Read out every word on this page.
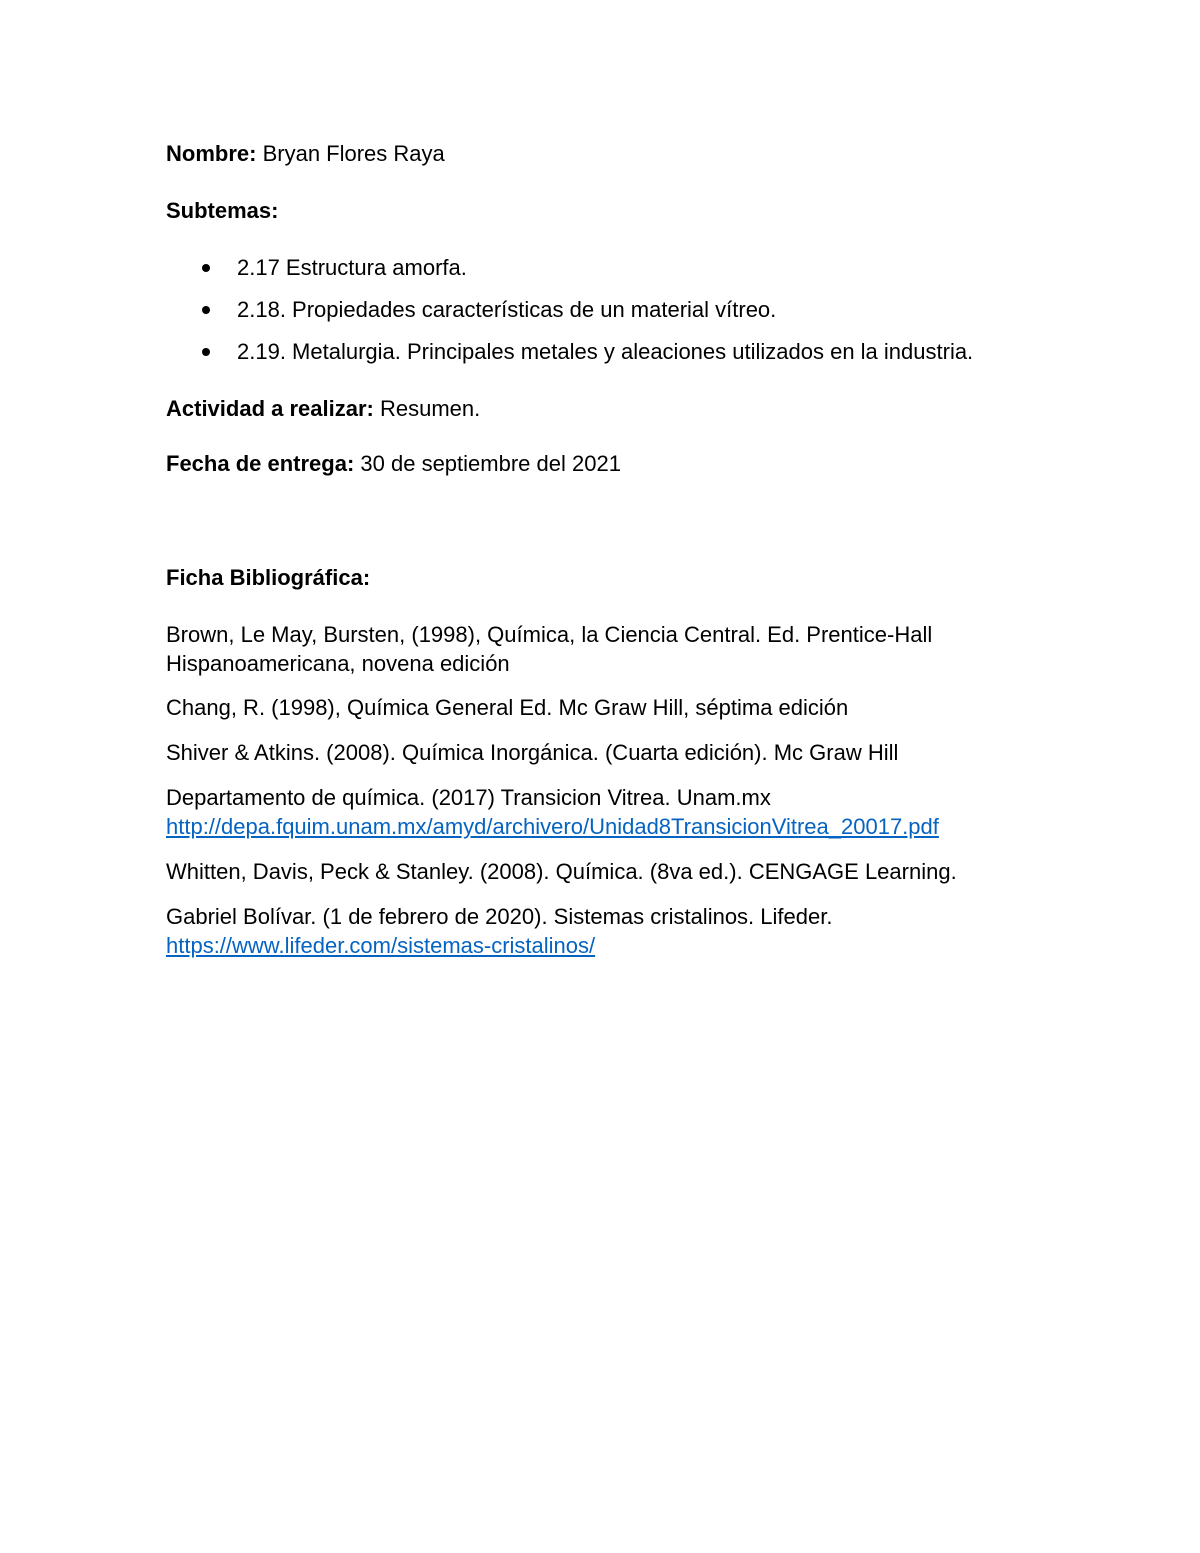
Nombre: Bryan Flores Raya
Subtemas:
2.17 Estructura amorfa.
2.18. Propiedades características de un material vítreo.
2.19. Metalurgia. Principales metales y aleaciones utilizados en la industria.
Actividad a realizar: Resumen.
Fecha de entrega: 30 de septiembre del 2021
Ficha Bibliográfica:
Brown, Le May, Bursten, (1998), Química, la Ciencia Central. Ed. Prentice-Hall
Hispanoamericana, novena edición
Chang, R. (1998), Química General Ed. Mc Graw Hill, séptima edición
Shiver & Atkins. (2008). Química Inorgánica. (Cuarta edición). Mc Graw Hill
Departamento de química. (2017) Transicion Vitrea. Unam.mx
http://depa.fquim.unam.mx/amyd/archivero/Unidad8TransicionVitrea_20017.pdf
Whitten, Davis, Peck & Stanley. (2008). Química. (8va ed.). CENGAGE Learning.
Gabriel Bolívar. (1 de febrero de 2020). Sistemas cristalinos. Lifeder.
https://www.lifeder.com/sistemas-cristalinos/
